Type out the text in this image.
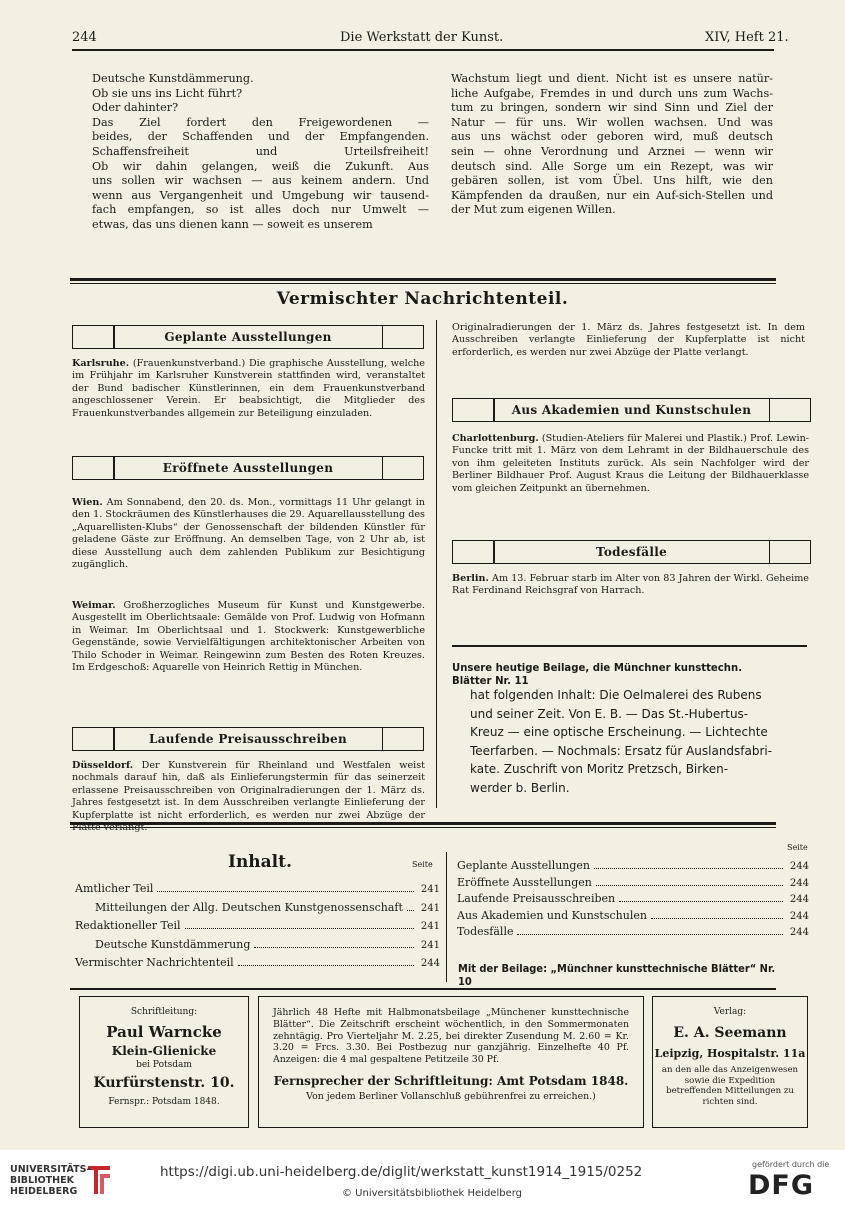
244	Die Werkstatt der Kunst.	XIV, Heft 21.
Deutsche Kunstdämmerung.
Ob sie uns ins Licht führt?
Oder dahinter?
Das Ziel fordert den Freigewordenen —
beides, der Schaffenden und der Empfangenden.
Schaffensfreiheit und Urteilsfreiheit!
Ob wir dahin gelangen, weiß die Zukunft. Aus
uns sollen wir wachsen — aus keinem andern. Und
wenn aus Vergangenheit und Umgebung wir tausend-
fach empfangen, so ist alles doch nur Umwelt —
etwas, das uns dienen kann — soweit es unserem
Wachstum liegt und dient. Nicht ist es unsere natür-
liche Aufgabe, Fremdes in und durch uns zum Wachs-
tum zu bringen, sondern wir sind Sinn und Ziel der
Natur — für uns. Wir wollen wachsen. Und was
aus uns wächst oder geboren wird, muß deutsch
sein — ohne Verordnung und Arznei — wenn wir
deutsch sind. Alle Sorge um ein Rezept, was wir
gebären sollen, ist vom Übel. Uns hilft, wie den
Kämpfenden da draußen, nur ein Auf-sich-Stellen und
der Mut zum eigenen Willen.
Vermischter Nachrichtenteil.
Geplante Ausstellungen
Karlsruhe. (Frauenkunstverband.) Die graphische Ausstellung, welche im Frühjahr im Karlsruher Kunstverein stattfinden wird, veranstaltet der Bund badischer Künstlerinnen, ein dem Frauenkunstverband angeschlossener Verein. Er beabsichtigt, die Mitglieder des Frauenkunstverbandes allgemein zur Beteiligung einzuladen.
Eröffnete Ausstellungen
Wien. Am Sonnabend, den 20. ds. Mon., vormittags 11 Uhr gelangt in den 1. Stockräumen des Künstlerhauses die 29. Aquarellausstellung des „Aquarellisten-Klubs“ der Genossenschaft der bildenden Künstler für geladene Gäste zur Eröffnung. An demselben Tage, von 2 Uhr ab, ist diese Ausstellung auch dem zahlenden Publikum zur Besichtigung zugänglich.
Weimar. Großherzogliches Museum für Kunst und Kunstgewerbe. Ausgestellt im Oberlichtsaale: Gemälde von Prof. Ludwig von Hofmann in Weimar. Im Oberlichtsaal und 1. Stockwerk: Kunstgewerbliche Gegenstände, sowie Vervielfältigungen architektonischer Arbeiten von Thilo Schoder in Weimar. Reingewinn zum Besten des Roten Kreuzes. Im Erdgeschoß: Aquarelle von Heinrich Rettig in München.
Laufende Preisausschreiben
Düsseldorf. Der Kunstverein für Rheinland und Westfalen weist nochmals darauf hin, daß als Einlieferungstermin für das seinerzeit erlassene Preisausschreiben von Originalradierungen der 1. März ds. Jahres festgesetzt ist. In dem Ausschreiben verlangte Einlieferung der Kupferplatte ist nicht erforderlich, es werden nur zwei Abzüge der
Originalradierungen der 1. März ds. Jahres festgesetzt ist. In dem Ausschreiben verlangte Einlieferung der Kupferplatte ist nicht erforderlich, es werden nur zwei Abzüge der Platte verlangt.
Aus Akademien und Kunstschulen
Charlottenburg. (Studien-Ateliers für Malerei und Plastik.) Prof. Lewin-Funcke tritt mit 1. März von dem Lehramt in der Bildhauerschule des von ihm geleiteten Instituts zurück. Als sein Nachfolger wird der Berliner Bildhauer Prof. August Kraus die Leitung der Bildhauerklasse vom gleichen Zeitpunkt an übernehmen.
Todesfälle
Berlin. Am 13. Februar starb im Alter von 83 Jahren der Wirkl. Geheime Rat Ferdinand Reichsgraf von Harrach.
Unsere heutige Beilage, die Münchner kunsttechn. Blätter Nr. 11
hat folgenden Inhalt: Die Oelmalerei des Rubens
und seiner Zeit. Von E. B. — Das St.-Hubertus-
Kreuz — eine optische Erscheinung. — Lichtechte
Teerfarben. — Nochmals: Ersatz für Auslandsfabri-
kate. Zuschrift von Moritz Pretzsch, Birken-
werder b. Berlin.
Inhalt.	Seite
Seite
Amtlicher Teil	241
Mitteilungen der Allg. Deutschen Kunstgenossenschaft 241
Redaktioneller Teil	241
Deutsche Kunstdämmerung	241
Vermischter Nachrichtenteil	244
Geplante Ausstellungen	244
Eröffnete Ausstellungen	244
Laufende Preisausschreiben	244
Aus Akademien und Kunstschulen	244
Todesfälle	244
Mit der Beilage: „Münchner kunsttechnische Blätter“ Nr. 10
Schriftleitung:
Paul Warncke
Klein-Glienicke
bei Potsdam
Kurfürstenstr. 10.
Fernspr.: Potsdam 1848.
Jährlich 48 Hefte mit Halbmonatsbeilage „Münchener kunsttechnische Blätter“. Die Zeitschrift erscheint wöchentlich, in den Sommermonaten zehntägig. Pro Vierteljahr M. 2.25, bei direkter Zusendung M. 2.60 = Kr. 3.20 = Frcs. 3.30. Bei Postbezug nur ganzjährig. Einzelhefte 40 Pf. Anzeigen: die 4 mal gespaltene Petitzeile 30 Pf.
Fernsprecher der Schriftleitung: Amt Potsdam 1848.
Von jedem Berliner Vollanschluß gebührenfrei zu erreichen.)
Verlag:
E. A. Seemann
Leipzig, Hospitalstr. 11a
an den alle das Anzeigenwesen sowie die Expedition betreffenden Mitteilungen zu richten sind.
UNIVERSITÄTS-
BIBLIOTHEK
HEIDELBERG
https://digi.ub.uni-heidelberg.de/diglit/werkstatt_kunst1914_1915/0252
© Universitätsbibliothek Heidelberg
gefördert durch die
DFG
